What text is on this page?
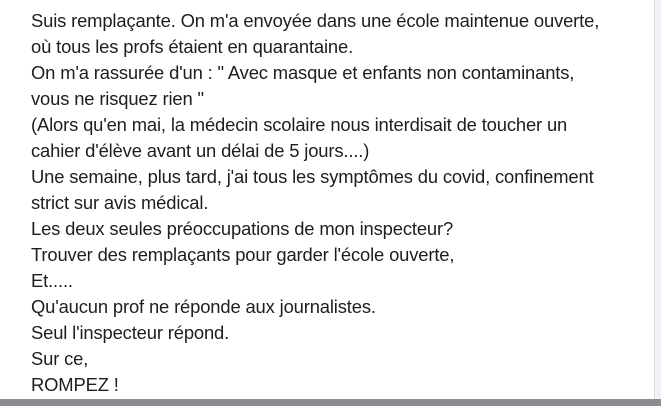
Suis remplaçante. On m'a envoyée dans une école maintenue ouverte,
où tous les profs étaient en quarantaine.
On m'a rassurée d'un : " Avec masque et enfants non contaminants,
vous ne risquez rien "
(Alors qu'en mai, la médecin scolaire nous interdisait de toucher un
cahier d'élève avant un délai de 5 jours....)
Une semaine, plus tard, j'ai tous les symptômes du covid, confinement
strict sur avis médical.
Les deux seules préoccupations de mon inspecteur?
Trouver des remplaçants pour garder l'école ouverte,
Et.....
Qu'aucun prof ne réponde aux journalistes.
Seul l'inspecteur répond.
Sur ce,
ROMPEZ !
